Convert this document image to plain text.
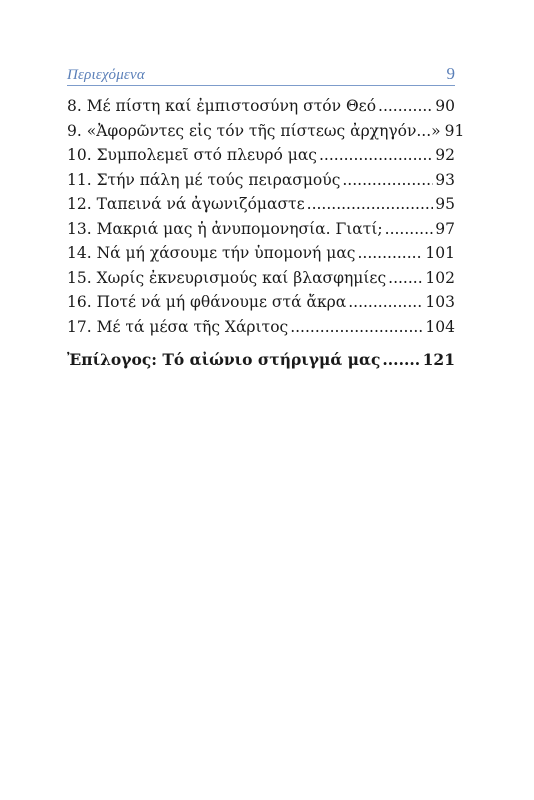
Περιεχόμενα	9
8. Μέ πίστη καί ἐμπιστοσύνη στόν Θεό .....	90
9. «Ἀφορῶντες εἰς τόν τῆς πίστεως ἀρχηγόν...» 91
10. Συμπολεμεῖ στό πλευρό μας .....	92
11. Στήν πάλη μέ τούς πειρασμούς .....	93
12. Ταπεινά νά ἀγωνιζόμαστε .....	95
13. Μακριά μας ἡ ἀνυπομονησία. Γιατί; .....	97
14. Νά μή χάσουμε τήν ὑπομονή μας .....	101
15. Χωρίς ἐκνευρισμούς καί βλασφημίες .....	102
16. Ποτέ νά μή φθάνουμε στά ἄκρα .....	103
17. Μέ τά μέσα τῆς Χάριτος .....	104
Ἐπίλογος: Τό αἰώνιο στήριγμά μας .....	121
